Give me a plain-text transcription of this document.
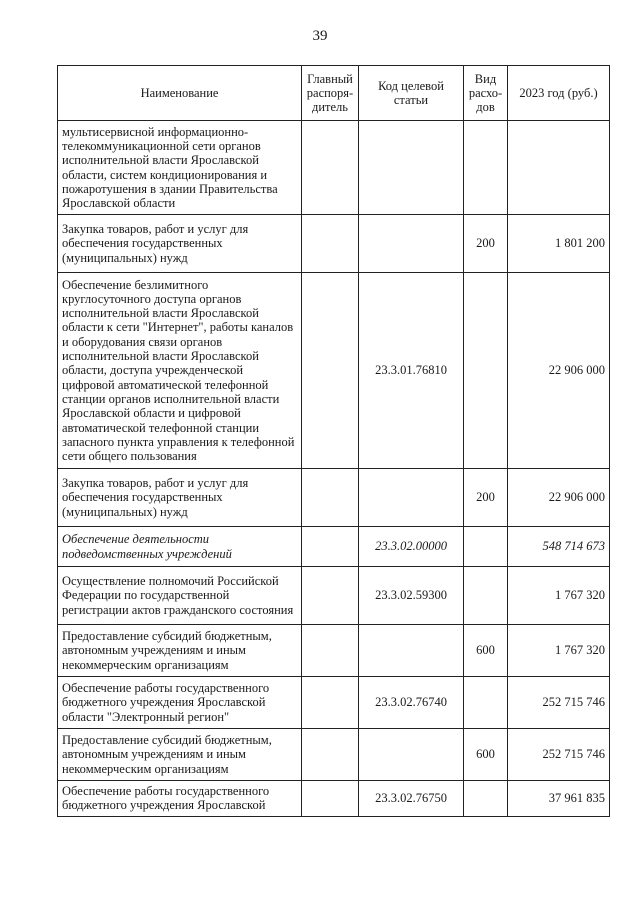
39
Наименование	Главный распоря-дитель	Код целевой статьи	Вид расхо-дов	2023 год (руб.)
мультисервисной информационно-телекоммуникационной сети органов исполнительной власти Ярославской области, систем кондиционирования и пожаротушения в здании Правительства Ярославской области				
Закупка товаров, работ и услуг для обеспечения государственных (муниципальных) нужд			200	1 801 200
Обеспечение безлимитного круглосуточного доступа органов исполнительной власти Ярославской области к сети "Интернет", работы каналов и оборудования связи органов исполнительной власти Ярославской области, доступа учрежденческой цифровой автоматической телефонной станции органов исполнительной власти Ярославской области и цифровой автоматической телефонной станции запасного пункта управления к телефонной сети общего пользования		23.3.01.76810		22 906 000
Закупка товаров, работ и услуг для обеспечения государственных (муниципальных) нужд			200	22 906 000
Обеспечение деятельности подведомственных учреждений		23.3.02.00000		548 714 673
Осуществление полномочий Российской Федерации по государственной регистрации актов гражданского состояния		23.3.02.59300		1 767 320
Предоставление субсидий бюджетным, автономным учреждениям и иным некоммерческим организациям			600	1 767 320
Обеспечение работы государственного бюджетного учреждения Ярославской области "Электронный регион"		23.3.02.76740		252 715 746
Предоставление субсидий бюджетным, автономным учреждениям и иным некоммерческим организациям			600	252 715 746
Обеспечение работы государственного бюджетного учреждения Ярославской		23.3.02.76750		37 961 835
